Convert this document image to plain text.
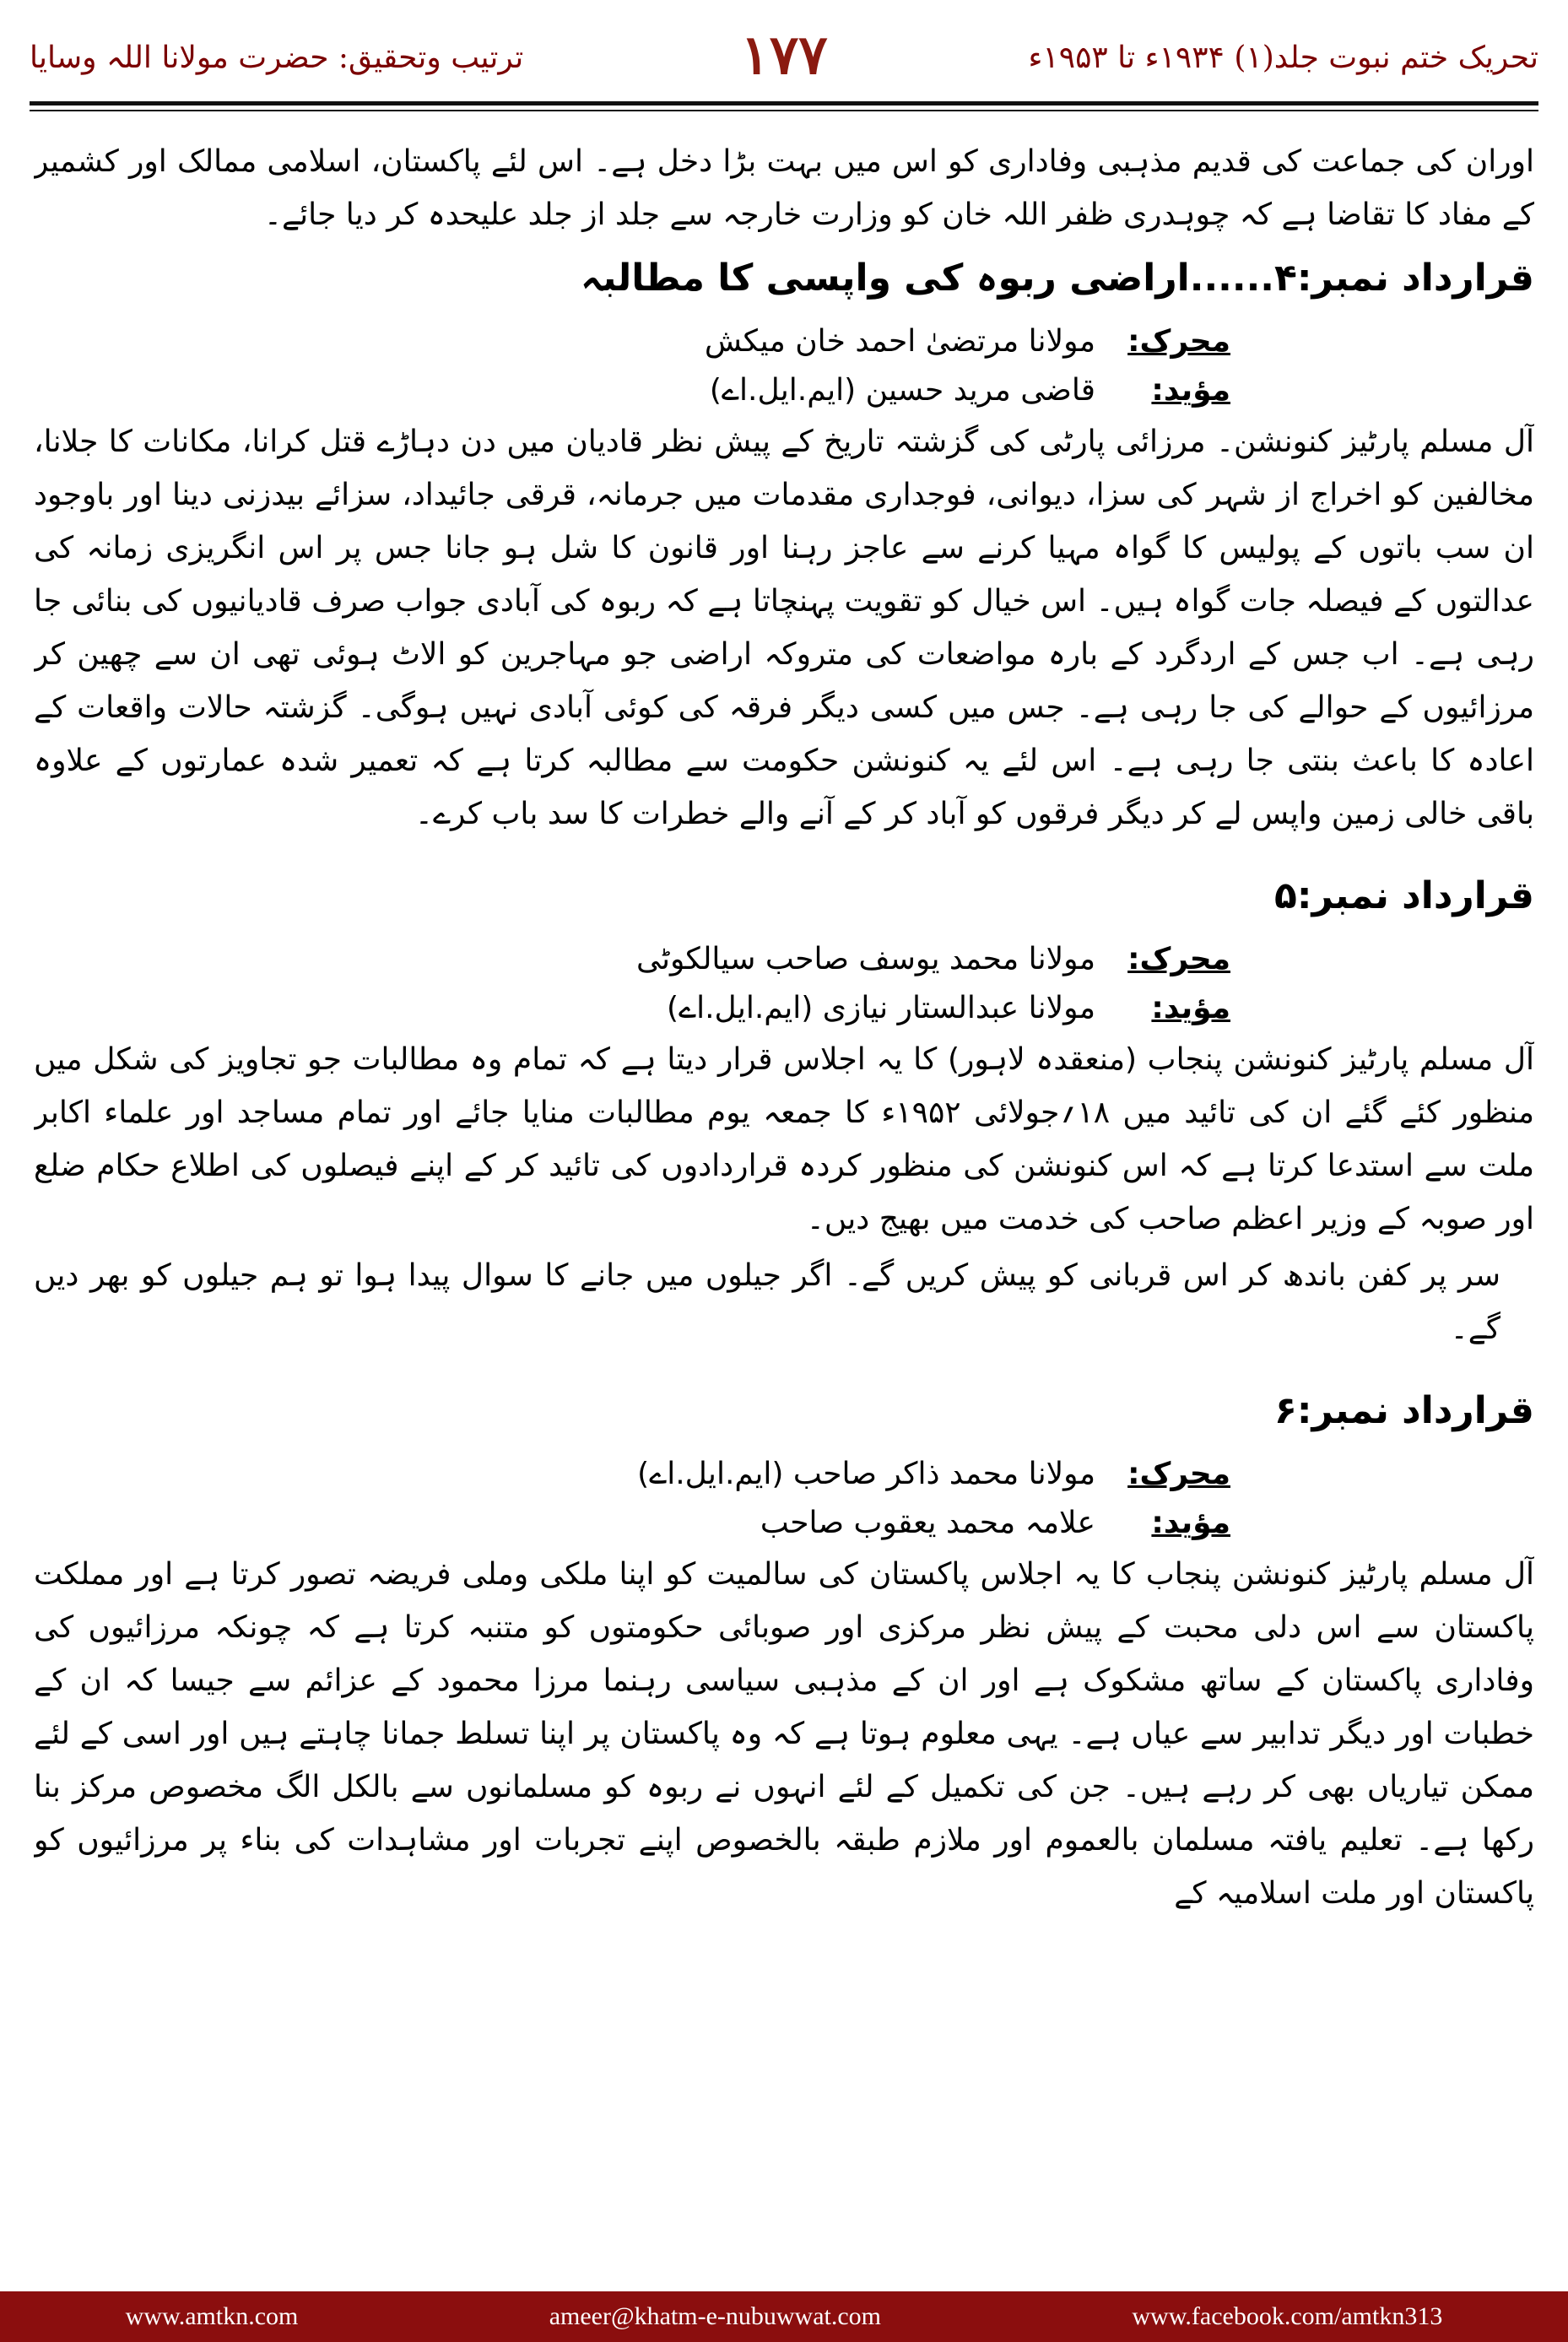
ترتیب وتحقیق: حضرت مولانا اللہ وسایا	۱۷۷	تحریک ختم نبوت جلد(۱) ۱۹۳۴ء تا ۱۹۵۳ء

اوران کی جماعت کی قدیم مذہبی وفاداری کو اس میں بہت بڑا دخل ہے۔ اس لئے پاکستان، اسلامی ممالک اور کشمیر کے مفاد کا تقاضا ہے کہ چوہدری ظفر اللہ خان کو وزارت خارجہ سے جلد از جلد علیحدہ کر دیا جائے۔

قرارداد نمبر:۴......اراضی ربوہ کی واپسی کا مطالبہ

محرک:مولانا مرتضیٰ احمد خان میکش

مؤید:قاضی مرید حسین (ایم.ایل.اے)

آل مسلم پارٹیز کنونشن۔ مرزائی پارٹی کی گزشتہ تاریخ کے پیش نظر قادیان میں دن دہاڑے قتل کرانا، مکانات کا جلانا، مخالفین کو اخراج از شہر کی سزا، دیوانی، فوجداری مقدمات میں جرمانہ، قرقی جائیداد، سزائے بیدزنی دینا اور باوجود ان سب باتوں کے پولیس کا گواہ مہیا کرنے سے عاجز رہنا اور قانون کا شل ہو جانا جس پر اس انگریزی زمانہ کی عدالتوں کے فیصلہ جات گواہ ہیں۔ اس خیال کو تقویت پہنچاتا ہے کہ ربوہ کی آبادی جواب صرف قادیانیوں کی بنائی جا رہی ہے۔ اب جس کے اردگرد کے بارہ مواضعات کی متروکہ اراضی جو مہاجرین کو الاٹ ہوئی تھی ان سے چھین کر مرزائیوں کے حوالے کی جا رہی ہے۔ جس میں کسی دیگر فرقہ کی کوئی آبادی نہیں ہوگی۔ گزشتہ حالات واقعات کے اعادہ کا باعث بنتی جا رہی ہے۔ اس لئے یہ کنونشن حکومت سے مطالبہ کرتا ہے کہ تعمیر شدہ عمارتوں کے علاوہ باقی خالی زمین واپس لے کر دیگر فرقوں کو آباد کر کے آنے والے خطرات کا سد باب کرے۔

قرارداد نمبر:۵

محرک:مولانا محمد یوسف صاحب سیالکوٹی

مؤید:مولانا عبدالستار نیازی (ایم.ایل.اے)

آل مسلم پارٹیز کنونشن پنجاب (منعقدہ لاہور) کا یہ اجلاس قرار دیتا ہے کہ تمام وہ مطالبات جو تجاویز کی شکل میں منظور کئے گئے ان کی تائید میں ۱۸؍جولائی ۱۹۵۲ء کا جمعہ یوم مطالبات منایا جائے اور تمام مساجد اور علماء اکابر ملت سے استدعا کرتا ہے کہ اس کنونشن کی منظور کردہ قراردادوں کی تائید کر کے اپنے فیصلوں کی اطلاع حکام ضلع اور صوبہ کے وزیر اعظم صاحب کی خدمت میں بھیج دیں۔

سر پر کفن باندھ کر اس قربانی کو پیش کریں گے۔ اگر جیلوں میں جانے کا سوال پیدا ہوا تو ہم جیلوں کو بھر دیں گے۔

قرارداد نمبر:۶

محرک:مولانا محمد ذاکر صاحب (ایم.ایل.اے)

مؤید:علامہ محمد یعقوب صاحب

آل مسلم پارٹیز کنونشن پنجاب کا یہ اجلاس پاکستان کی سالمیت کو اپنا ملکی وملی فریضہ تصور کرتا ہے اور مملکت پاکستان سے اس دلی محبت کے پیش نظر مرکزی اور صوبائی حکومتوں کو متنبہ کرتا ہے کہ چونکہ مرزائیوں کی وفاداری پاکستان کے ساتھ مشکوک ہے اور ان کے مذہبی سیاسی رہنما مرزا محمود کے عزائم سے جیسا کہ ان کے خطبات اور دیگر تدابیر سے عیاں ہے۔ یہی معلوم ہوتا ہے کہ وہ پاکستان پر اپنا تسلط جمانا چاہتے ہیں اور اسی کے لئے ممکن تیاریاں بھی کر رہے ہیں۔ جن کی تکمیل کے لئے انہوں نے ربوہ کو مسلمانوں سے بالکل الگ مخصوص مرکز بنا رکھا ہے۔ تعلیم یافتہ مسلمان بالعموم اور ملازم طبقہ بالخصوص اپنے تجربات اور مشاہدات کی بناء پر مرزائیوں کو پاکستان اور ملت اسلامیہ کے

www.amtkn.com	ameer@khatm-e-nubuwwat.com	www.facebook.com/amtkn313
